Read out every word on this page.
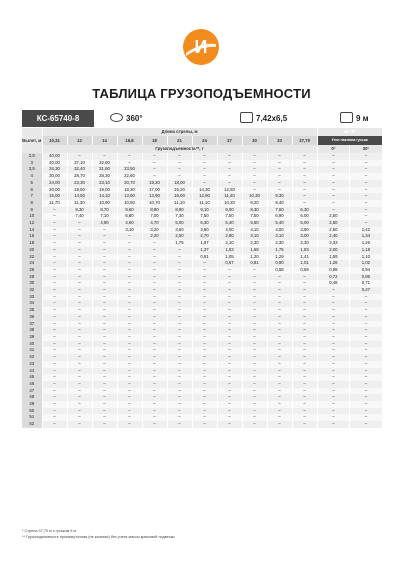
И
ТАБЛИЦА ГРУЗОПОДЪЕМНОСТИ
КС-65740-8	360°	7,42х6,5	9 м
Вылет, м	Длина стрелы, м											46,79*	
	10,31	12	14	16,8	18	21	24	27	30	33	37,79	Угол наклона гуська	
	Грузоподъемность**, т											0°	30°
2,8	40,00	–	–	–	–	–	–	–	–	–	–	–	–
3	40,00	37,10	32,60	–	–	–	–	–	–	–	–	–	–
3,5	34,30	32,40	31,60	23,50	–	–	–	–	–	–	–	–	–
4	30,00	28,70	28,30	22,60	–	–	–	–	–	–	–	–	–
5	24,00	23,30	23,10	20,70	19,20	18,00	–	–	–	–	–	–	–
6	20,00	19,50	19,00	18,30	17,00	15,20	14,30	12,50	–	–	–	–	–
7	15,00	14,50	14,10	13,90	13,90	16,00	12,90	11,40	10,30	9,30	–	–	–
8	11,70	11,30	10,90	10,50	10,70	11,10	11,10	10,20	9,20	8,40	–	–	–
9	–	9,30	8,70	8,60	8,80	8,90	9,10	9,00	8,30	7,60	6,30	–	–
10	–	7,40	7,10	6,80	7,00	7,30	7,50	7,50	7,50	6,90	6,00	2,50	–
12	–	–	4,90	4,60	4,70	5,00	5,30	5,40	5,50	5,40	5,00	2,50	–
14	–	–	–	3,10	3,20	3,60	3,80	4,00	4,10	4,00	3,90	2,50	1,42
16	–	–	–	–	2,20	2,50	2,70	2,90	3,10	3,10	3,00	2,40	1,34
18	–	–	–	–	–	1,75	1,97	2,10	2,30	2,30	2,30	2,33	1,26
20	–	–	–	–	–	–	1,37	1,53	1,68	1,75	1,83	2,00	1,18
22	–	–	–	–	–	–	0,91	1,05	1,20	1,29	1,41	1,59	1,10
24	–	–	–	–	–	–	–	0,67	0,81	0,90	1,01	1,26	1,02
26	–	–	–	–	–	–	–	–	–	0,58	0,69	0,98	0,94
28	–	–	–	–	–	–	–	–	–	–	–	0,72	0,86
30	–	–	–	–	–	–	–	–	–	–	–	0,48	0,71
32	–	–	–	–	–	–	–	–	–	–	–	–	0,47
33	–	–	–	–	–	–	–	–	–	–	–	–	–
34	–	–	–	–	–	–	–	–	–	–	–	–	–
35	–	–	–	–	–	–	–	–	–	–	–	–	–
36	–	–	–	–	–	–	–	–	–	–	–	–	–
37	–	–	–	–	–	–	–	–	–	–	–	–	–
38	–	–	–	–	–	–	–	–	–	–	–	–	–
39	–	–	–	–	–	–	–	–	–	–	–	–	–
40	–	–	–	–	–	–	–	–	–	–	–	–	–
41	–	–	–	–	–	–	–	–	–	–	–	–	–
42	–	–	–	–	–	–	–	–	–	–	–	–	–
43	–	–	–	–	–	–	–	–	–	–	–	–	–
44	–	–	–	–	–	–	–	–	–	–	–	–	–
45	–	–	–	–	–	–	–	–	–	–	–	–	–
46	–	–	–	–	–	–	–	–	–	–	–	–	–
47	–	–	–	–	–	–	–	–	–	–	–	–	–
48	–	–	–	–	–	–	–	–	–	–	–	–	–
49	–	–	–	–	–	–	–	–	–	–	–	–	–
50	–	–	–	–	–	–	–	–	–	–	–	–	–
51	–	–	–	–	–	–	–	–	–	–	–	–	–
52	–	–	–	–	–	–	–	–	–	–	–	–	–
* Стрела 37,79 м с гуськом 9 м
** Грузоподъемность промежуточная (не качатая) без учета массы крюковой подвески
